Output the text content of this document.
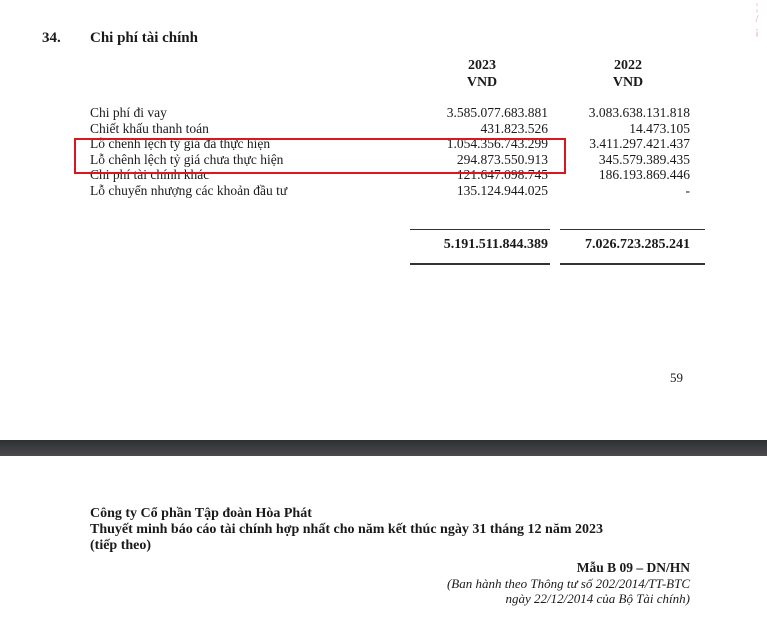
¦
/
¡
34. Chi phí tài chính
2023
VND
2022
VND
Chi phí đi vay	3.585.077.683.881	3.083.638.131.818
Chiết khấu thanh toán	431.823.526	14.473.105
Lỗ chênh lệch tỷ giá đã thực hiện	1.054.356.743.299	3.411.297.421.437
Lỗ chênh lệch tỷ giá chưa thực hiện	294.873.550.913	345.579.389.435
Chi phí tài chính khác	121.647.098.745	186.193.869.446
Lỗ chuyển nhượng các khoản đầu tư	135.124.944.025	-
5.191.511.844.389	7.026.723.285.241
59
Công ty Cổ phần Tập đoàn Hòa Phát
Thuyết minh báo cáo tài chính hợp nhất cho năm kết thúc ngày 31 tháng 12 năm 2023
(tiếp theo)
Mẫu B 09 – DN/HN
(Ban hành theo Thông tư số 202/2014/TT-BTC
ngày 22/12/2014 của Bộ Tài chính)
